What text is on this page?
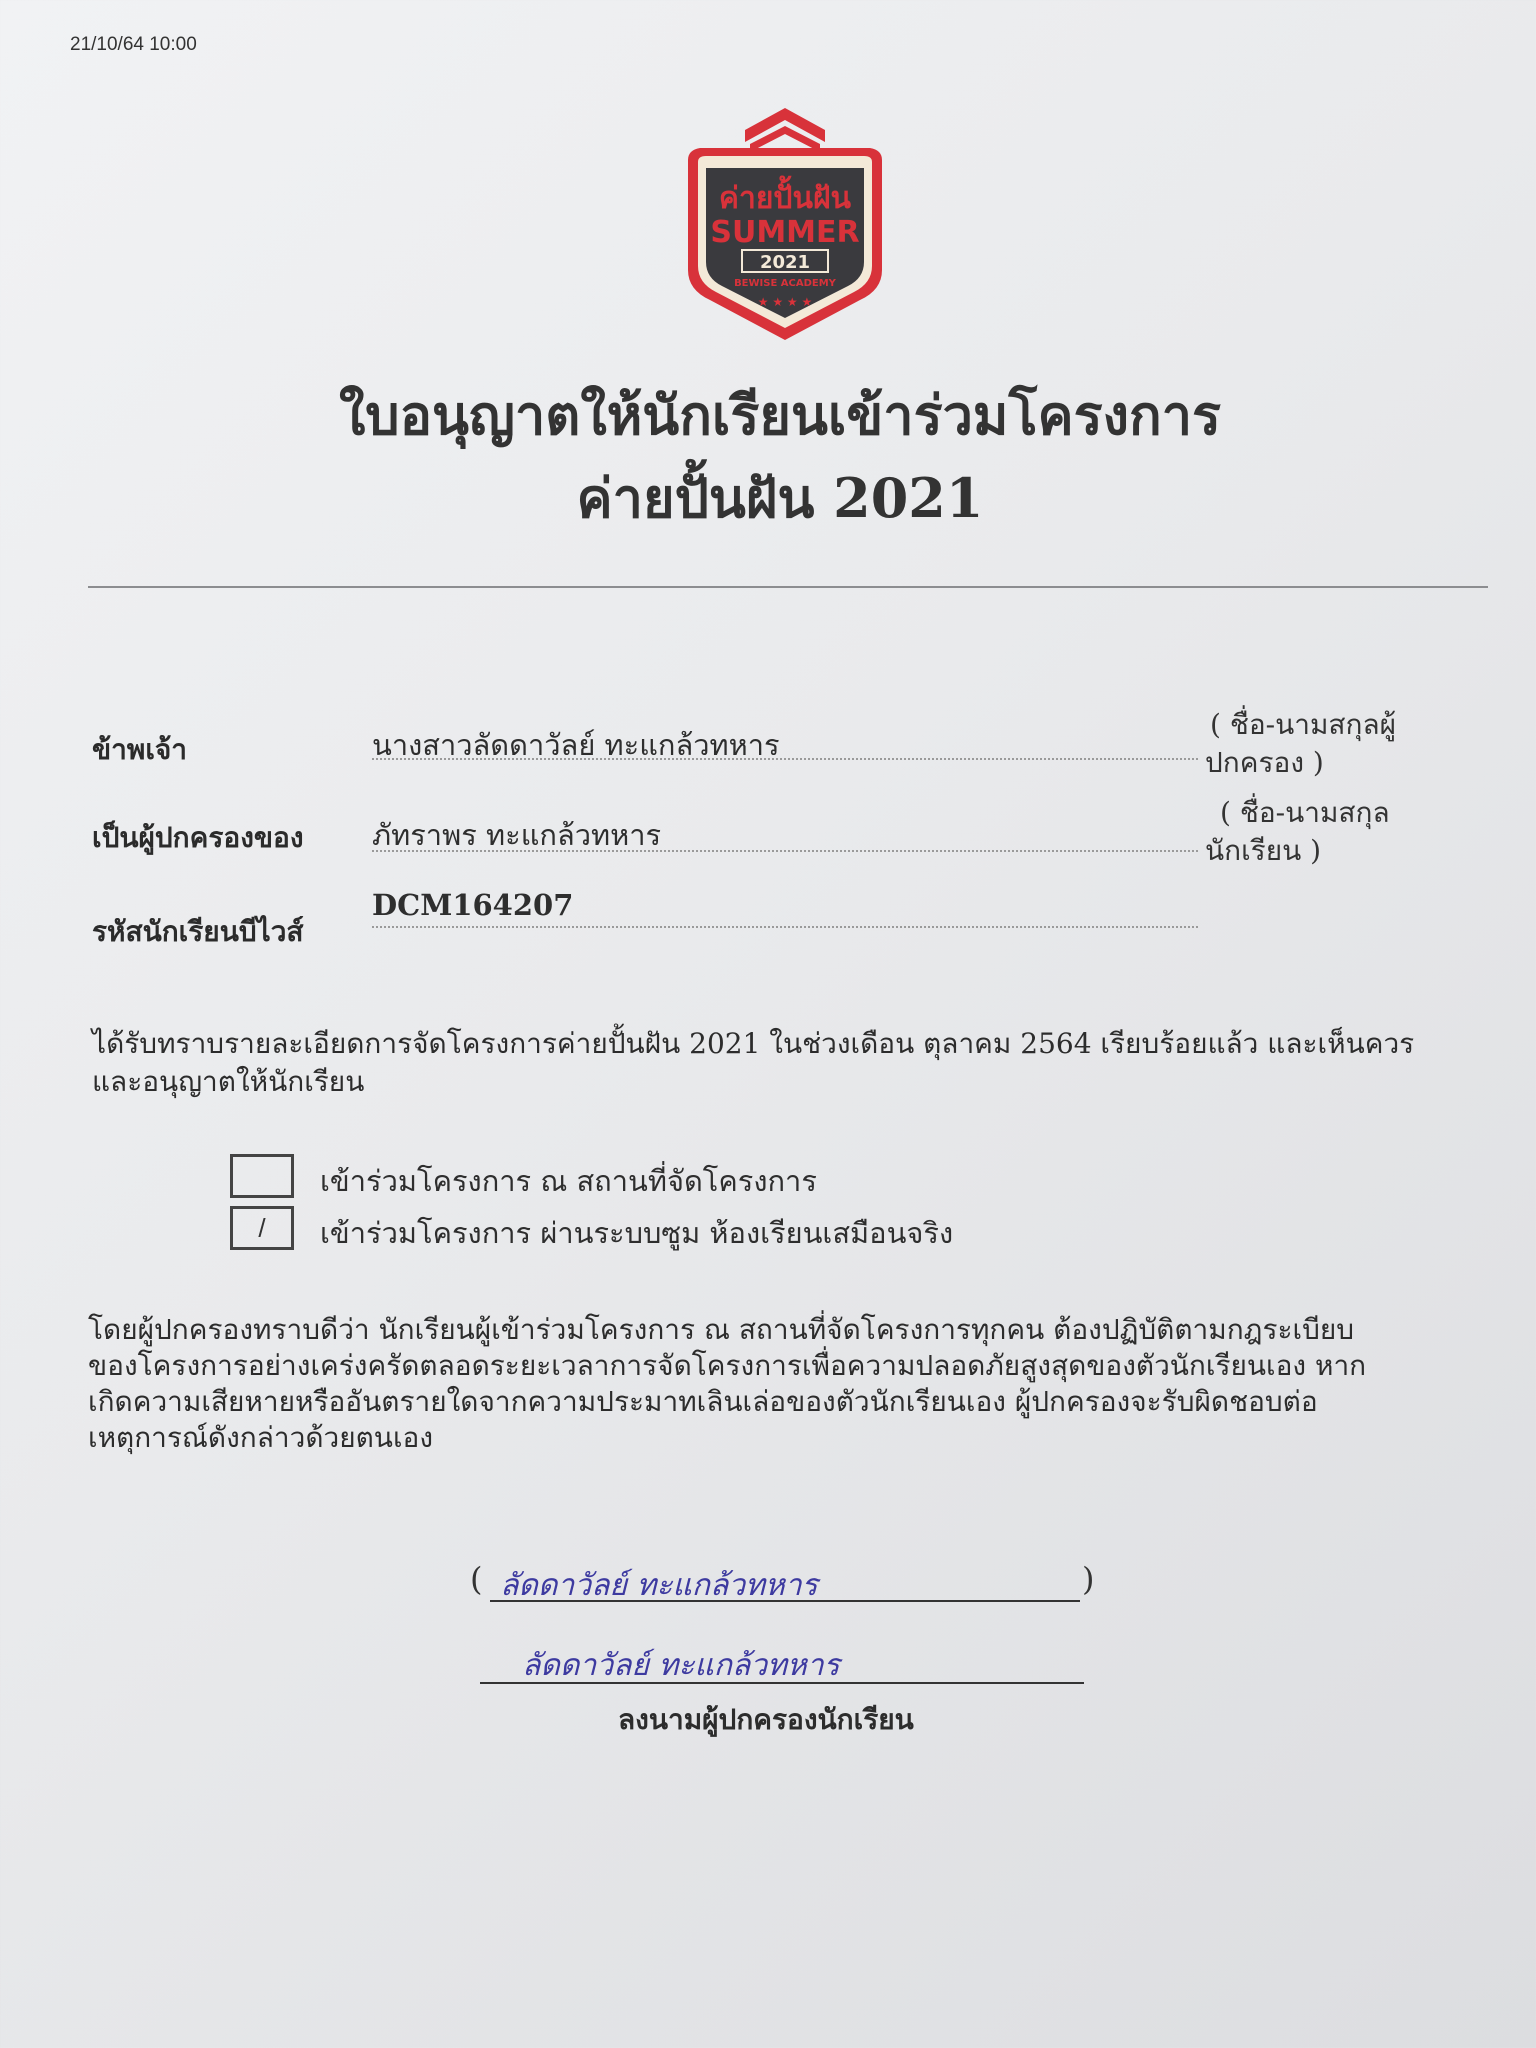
21/10/64 10:00
ค่ายปั้นฝัน
SUMMER
2021
BEWISE ACADEMY
★ ★ ★ ★
ใบอนุญาตให้นักเรียนเข้าร่วมโครงการ
ค่ายปั้นฝัน 2021
ข้าพเจ้า	นางสาวลัดดาวัลย์ ทะแกล้วทหาร
( ชื่อ-นามสกุลผู้
ปกครอง )
เป็นผู้ปกครองของ ภัทราพร ทะแกล้วทหาร
( ชื่อ-นามสกุล
นักเรียน )
รหัสนักเรียนบีไวส์
DCM164207
ได้รับทราบรายละเอียดการจัดโครงการค่ายปั้นฝัน 2021 ในช่วงเดือน ตุลาคม 2564 เรียบร้อยแล้ว และเห็นควร
และอนุญาตให้นักเรียน
เข้าร่วมโครงการ ณ สถานที่จัดโครงการ
/	เข้าร่วมโครงการ ผ่านระบบซูม ห้องเรียนเสมือนจริง
โดยผู้ปกครองทราบดีว่า นักเรียนผู้เข้าร่วมโครงการ ณ สถานที่จัดโครงการทุกคน ต้องปฏิบัติตามกฎระเบียบ
ของโครงการอย่างเคร่งครัดตลอดระยะเวลาการจัดโครงการเพื่อความปลอดภัยสูงสุดของตัวนักเรียนเอง หาก
เกิดความเสียหายหรืออันตรายใดจากความประมาทเลินเล่อของตัวนักเรียนเอง ผู้ปกครองจะรับผิดชอบต่อ
เหตุการณ์ดังกล่าวด้วยตนเอง
( ลัดดาวัลย์ ทะแกล้วทหาร	)
ลัดดาวัลย์ ทะแกล้วทหาร
ลงนามผู้ปกครองนักเรียน
